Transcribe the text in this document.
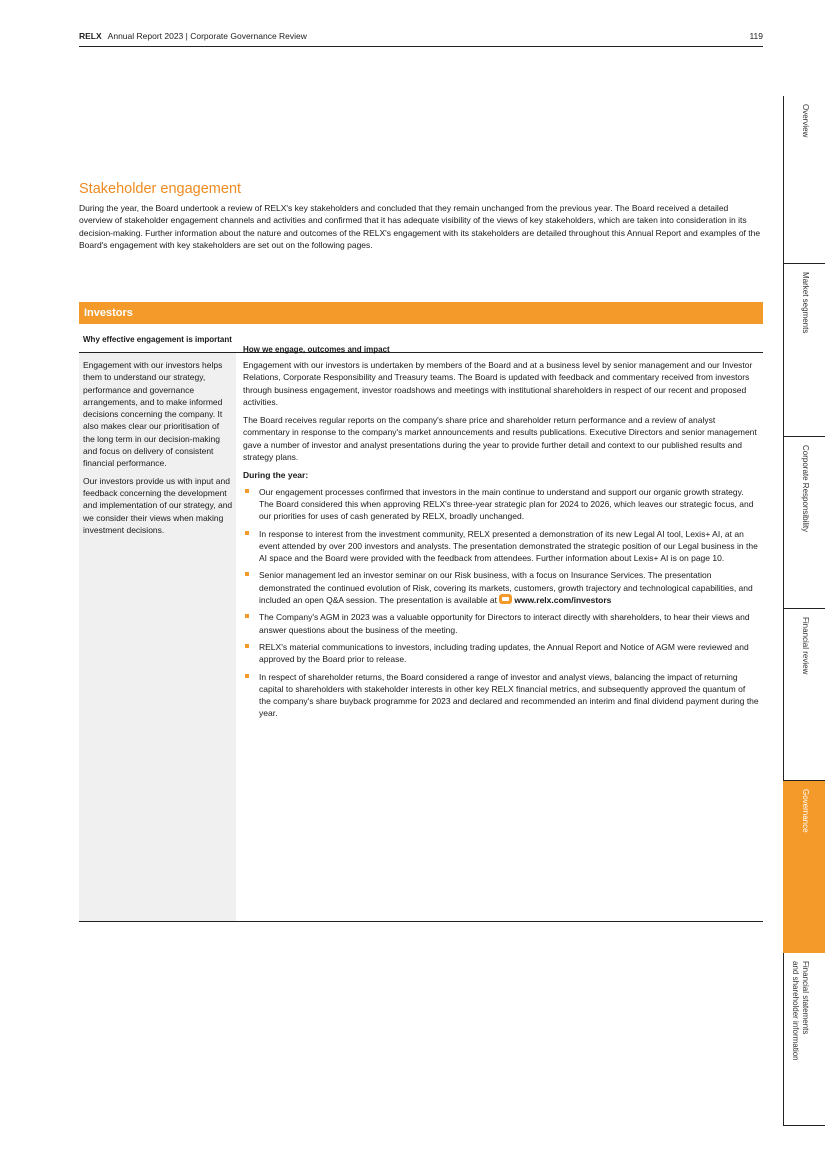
RELX Annual Report 2023 | Corporate Governance Review	119
Overview
Market segments
Corporate Responsibility
Financial review
Governance
Financial statements
and shareholder information
Stakeholder engagement

During the year, the Board undertook a review of RELX's key stakeholders and concluded that they remain unchanged from the previous year. The Board received a detailed overview of stakeholder engagement channels and activities and confirmed that it has adequate visibility of the views of key stakeholders, which are taken into consideration in its decision-making. Further information about the nature and outcomes of the RELX's engagement with its stakeholders are detailed throughout this Annual Report and examples of the Board's engagement with key stakeholders are set out on the following pages.

Investors
Why effective engagement is important
How we engage, outcomes and impact

Engagement with our investors helps them to understand our strategy, performance and governance arrangements, and to make informed decisions concerning the company. It also makes clear our prioritisation of the long term in our decision-making and focus on delivery of consistent financial performance.

Our investors provide us with input and feedback concerning the development and implementation of our strategy, and we consider their views when making investment decisions.

Engagement with our investors is undertaken by members of the Board and at a business level by senior management and our Investor Relations, Corporate Responsibility and Treasury teams. The Board is updated with feedback and commentary received from investors through business engagement, investor roadshows and meetings with institutional shareholders in respect of our recent and proposed activities.

The Board receives regular reports on the company's share price and shareholder return performance and a review of analyst commentary in response to the company's market announcements and results publications. Executive Directors and senior management gave a number of investor and analyst presentations during the year to provide further detail and context to our published results and strategy plans.

During the year:

Our engagement processes confirmed that investors in the main continue to understand and support our organic growth strategy. The Board considered this when approving RELX's three-year strategic plan for 2024 to 2026, which leaves our strategic focus, and our priorities for uses of cash generated by RELX, broadly unchanged.
In response to interest from the investment community, RELX presented a demonstration of its new Legal AI tool, Lexis+ AI, at an event attended by over 200 investors and analysts. The presentation demonstrated the strategic position of our Legal business in the AI space and the Board were provided with the feedback from attendees. Further information about Lexis+ AI is on page 10.
Senior management led an investor seminar on our Risk business, with a focus on Insurance Services. The presentation demonstrated the continued evolution of Risk, covering its markets, customers, growth trajectory and technological capabilities, and included an open Q&A session. The presentation is available at www.relx.com/investors
The Company's AGM in 2023 was a valuable opportunity for Directors to interact directly with shareholders, to hear their views and answer questions about the business of the meeting.
RELX's material communications to investors, including trading updates, the Annual Report and Notice of AGM were reviewed and approved by the Board prior to release.
In respect of shareholder returns, the Board considered a range of investor and analyst views, balancing the impact of returning capital to shareholders with stakeholder interests in other key RELX financial metrics, and subsequently approved the quantum of the company's share buyback programme for 2023 and declared and recommended an interim and final dividend payment during the year.
